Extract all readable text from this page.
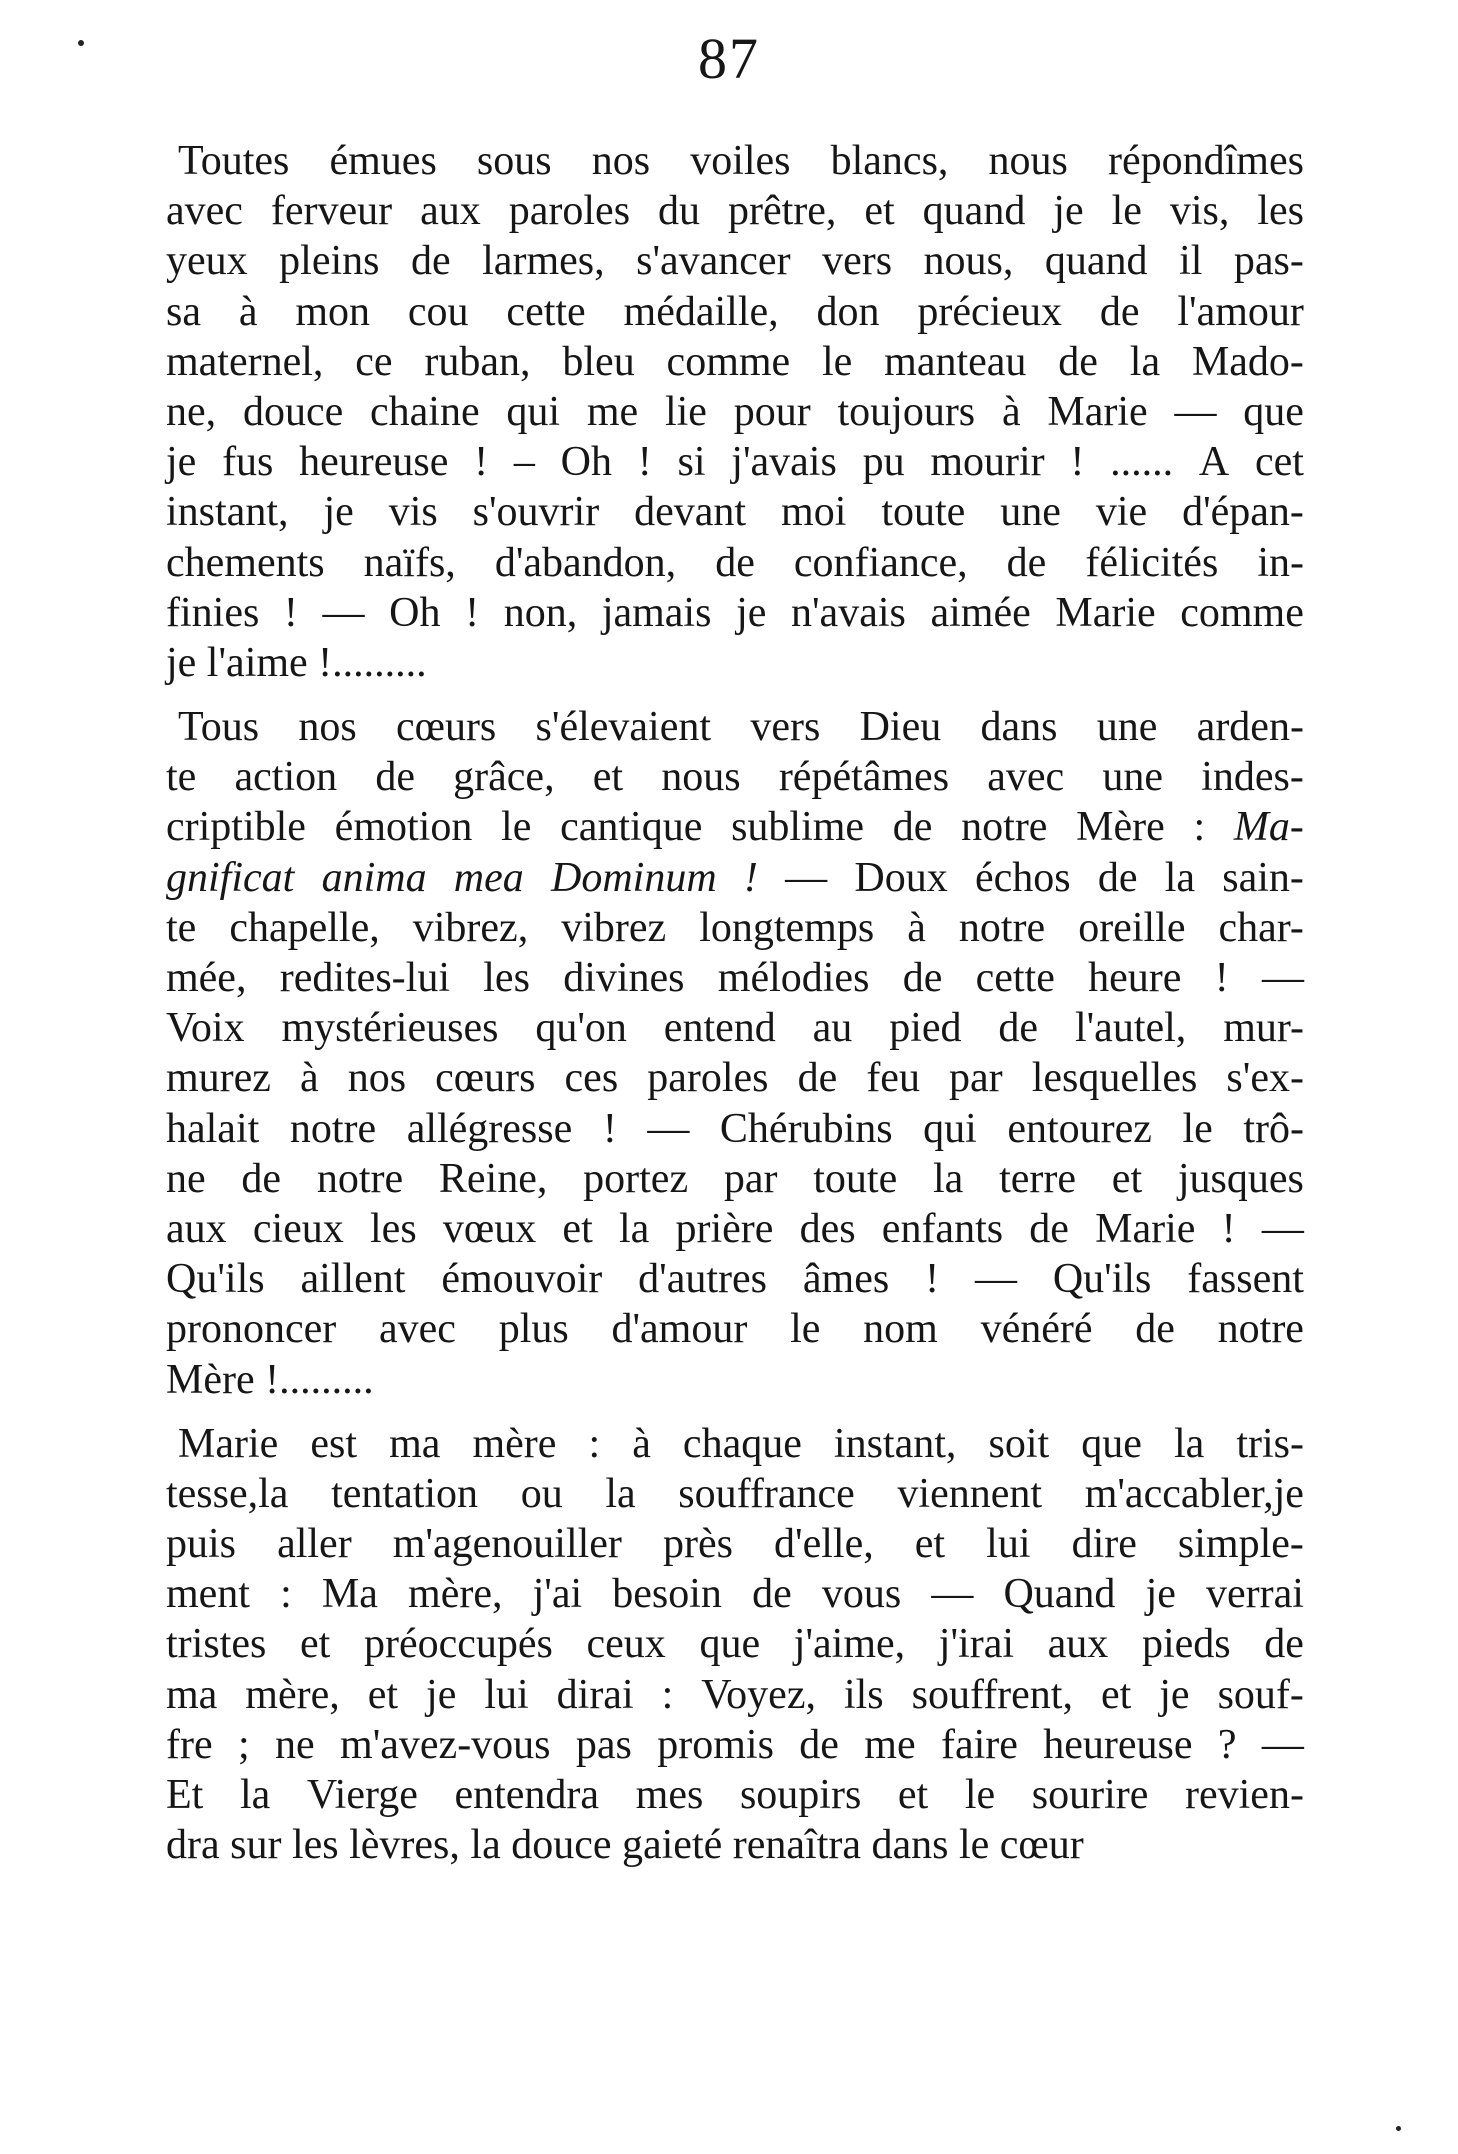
87
Toutes émues sous nos voiles blancs, nous répondîmes
avec ferveur aux paroles du prêtre, et quand je le vis, les
yeux pleins de larmes, s'avancer vers nous, quand il pas-
sa à mon cou cette médaille, don précieux de l'amour
maternel, ce ruban, bleu comme le manteau de la Mado-
ne, douce chaine qui me lie pour toujours à Marie — que
je fus heureuse ! – Oh ! si j'avais pu mourir ! ...... A cet
instant, je vis s'ouvrir devant moi toute une vie d'épan-
chements naïfs, d'abandon, de confiance, de félicités in-
finies ! — Oh ! non, jamais je n'avais aimée Marie comme
je l'aime !.........
Tous nos cœurs s'élevaient vers Dieu dans une arden-
te action de grâce, et nous répétâmes avec une indes-
criptible émotion le cantique sublime de notre Mère : Ma-
gnificat anima mea Dominum ! — Doux échos de la sain-
te chapelle, vibrez, vibrez longtemps à notre oreille char-
mée, redites-lui les divines mélodies de cette heure ! —
Voix mystérieuses qu'on entend au pied de l'autel, mur-
murez à nos cœurs ces paroles de feu par lesquelles s'ex-
halait notre allégresse ! — Chérubins qui entourez le trô-
ne de notre Reine, portez par toute la terre et jusques
aux cieux les vœux et la prière des enfants de Marie ! —
Qu'ils aillent émouvoir d'autres âmes ! — Qu'ils fassent
prononcer avec plus d'amour le nom vénéré de notre
Mère !.........
Marie est ma mère : à chaque instant, soit que la tris-
tesse,la tentation ou la souffrance viennent m'accabler,je
puis aller m'agenouiller près d'elle, et lui dire simple-
ment : Ma mère, j'ai besoin de vous — Quand je verrai
tristes et préoccupés ceux que j'aime, j'irai aux pieds de
ma mère, et je lui dirai : Voyez, ils souffrent, et je souf-
fre ; ne m'avez-vous pas promis de me faire heureuse ? —
Et la Vierge entendra mes soupirs et le sourire revien-
dra sur les lèvres, la douce gaieté renaîtra dans le cœur
